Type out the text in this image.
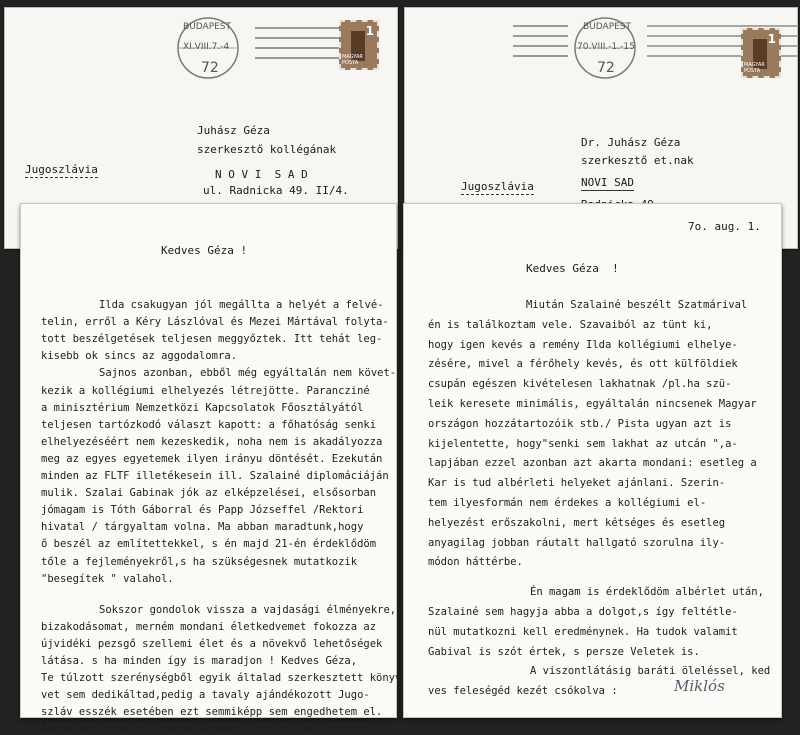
BUDAPEST
XI.VIII.7.-4
72
1
MAGYAR POSTA
Juhász Géza
szerkesztő kollégának
N O V I  S A D
ul. Radnicka 49. II/4.
Jugoszlávia
BUDAPEST
70.VIII.-1.-15
72
1
MAGYAR POSTA
Dr. Juhász Géza
szerkesztő et.nak
NOVI SAD
Jugoszlávia
Kedves Géza !
Ilda csakugyan jól megállta a helyét a felvé-
telin, erről a Kéry Lászlóval és Mezei Mártával folyta-
tott beszélgetések teljesen meggyőztek. Itt tehát leg-
kisebb ok sincs az aggodalomra.
Sajnos azonban, ebből még egyáltalán nem követ-
kezik a kollégiumi elhelyezés létrejötte. Parancziné
a minisztérium Nemzetközi Kapcsolatok Főosztályától
teljesen tartózkodó választ kapott: a főhatóság senki
elhelyezéséért nem kezeskedik, noha nem is akadályozza
meg az egyes egyetemek ilyen irányu döntését. Ezekután
minden az FLTF illetékesein ill. Szalainé diplomáciáján
mulik. Szalai Gabinak jók az elképzelései, elsősorban
jómagam is Tóth Gáborral és Papp Józseffel /Rektori
hivatal / tárgyaltam volna. Ma abban maradtunk,hogy
ő beszél az említettekkel, s én majd 21-én érdeklődöm
tőle a fejleményekről,s ha szükségesnek mutatkozik
"besegítek " valahol.
Sokszor gondolok vissza a vajdasági élményekre,
bizakodásomat, merném mondani életkedvemet fokozza az
újvidéki pezsgő szellemi élet és a növekvő lehetőségek
látása. s ha minden így is maradjon ! Kedves Géza,
Te túlzott szerénységből egyik általad szerkesztett könyv
vet sem dedikáltad,pedig a tavaly ajándékozott Jugo-
szláv esszék esetében ezt semmiképp sem engedhetem el.
Annakidején majd Ildának átadom ilyen céllal kötetet!
7o. aug. 1.
Kedves Géza  !
Miután Szalainé beszélt Szatmárival
én is találkoztam vele. Szavaiból az tünt ki,
hogy igen kevés a remény Ilda kollégiumi elhelye-
zésére, mivel a férőhely kevés, és ott külföldiek
csupán egészen kivételesen lakhatnak /pl.ha szü-
leik keresete minimális, egyáltalán nincsenek Magyar
országon hozzátartozóik stb./ Pista ugyan azt is
kijelentette, hogy"senki sem lakhat az utcán ",a-
lapjában ezzel azonban azt akarta mondani: esetleg a
Kar is tud albérleti helyeket ajánlani. Szerin-
tem ilyesformán nem érdekes a kollégiumi el-
helyezést erőszakolni, mert kétséges és esetleg
anyagilag jobban ráutalt hallgató szorulna ily-
módon háttérbe.
Én magam is érdeklődöm albérlet után,
Szalainé sem hagyja abba a dolgot,s így feltétle-
nül mutatkozni kell eredménynek. Ha tudok valamit
Gabival is szót értek, s persze Veletek is.
A viszontlátásig baráti öleléssel, ked
ves feleségéd kezét csókolva :	Miklós
